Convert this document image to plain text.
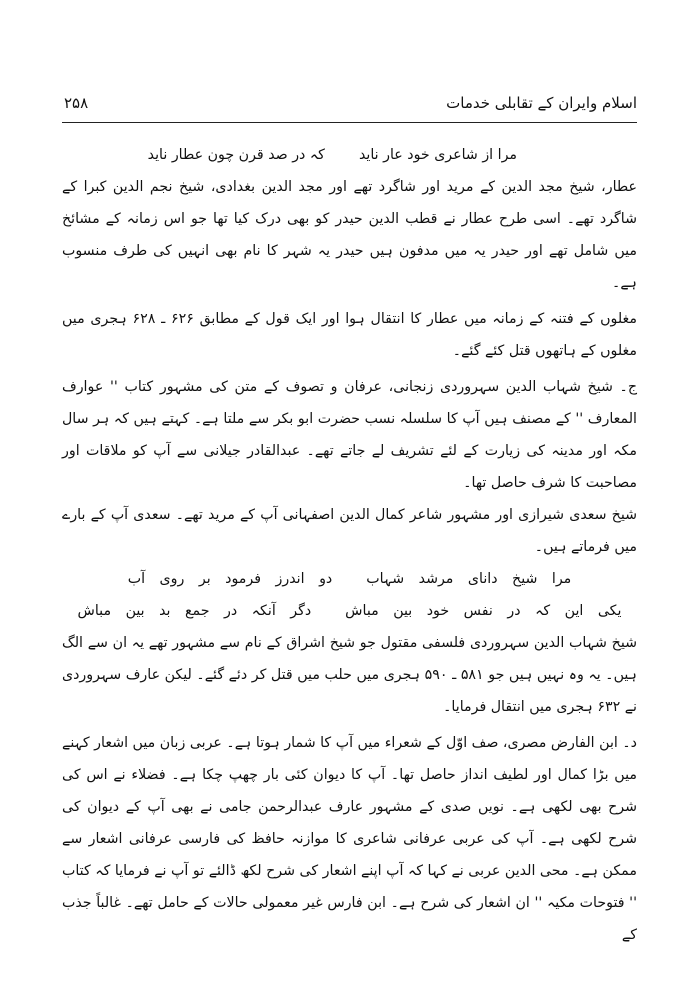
اسلام وایران کے تقابلی خدمات
۲۵۸
مرا از شاعری خود عار ناید
کہ در صد قرن چون عطار ناید

عطار، شیخ مجد الدین کے مرید اور شاگرد تھے اور مجد الدین بغدادی، شیخ نجم الدین کبرا کے شاگرد تھے۔ اسی طرح عطار نے قطب الدین حیدر کو بھی درک کیا تھا جو اس زمانہ کے مشائخ میں شامل تھے اور حیدر یہ میں مدفون ہیں حیدر یہ شہر کا نام بھی انہیں کی طرف منسوب ہے۔

مغلوں کے فتنہ کے زمانہ میں عطار کا انتقال ہوا اور ایک قول کے مطابق ۶۲۶ ـ ۶۲۸ ہجری میں مغلوں کے ہاتھوں قتل کئے گئے۔

ج۔ شیخ شہاب الدین سہروردی زنجانی، عرفان و تصوف کے متن کی مشہور کتاب '' عوارف المعارف '' کے مصنف ہیں آپ کا سلسلہ نسب حضرت ابو بکر سے ملتا ہے۔ کہتے ہیں کہ ہر سال مکہ اور مدینہ کی زیارت کے لئے تشریف لے جاتے تھے۔ عبدالقادر جیلانی سے آپ کو ملاقات اور مصاحبت کا شرف حاصل تھا۔

شیخ سعدی شیرازی اور مشہور شاعر کمال الدین اصفہانی آپ کے مرید تھے۔ سعدی آپ کے بارے میں فرماتے ہیں۔

مرا شیخ دانای مرشد شہاب
دو اندرز فرمود بر روی آب
یکی این کہ در نفس خود بین مباش
دگر آنکہ در جمع بد بین مباش

شیخ شہاب الدین سہروردی فلسفی مقتول جو شیخ اشراق کے نام سے مشہور تھے یہ ان سے الگ ہیں۔ یہ وہ نہیں ہیں جو ۵۸۱ ـ ۵۹۰ ہجری میں حلب میں قتل کر دئے گئے۔ لیکن عارف سہروردی نے ۶۳۲ ہجری میں انتقال فرمایا۔

د۔ ابن الفارض مصری، صف اوّل کے شعراء میں آپ کا شمار ہوتا ہے۔ عربی زبان میں اشعار کہنے میں بڑا کمال اور لطیف انداز حاصل تھا۔ آپ کا دیوان کئی بار چھپ چکا ہے۔ فضلاء نے اس کی شرح بھی لکھی ہے۔ نویں صدی کے مشہور عارف عبدالرحمن جامی نے بھی آپ کے دیوان کی شرح لکھی ہے۔ آپ کی عربی عرفانی شاعری کا موازنہ حافظ کی فارسی عرفانی اشعار سے ممکن ہے۔ محی الدین عربی نے کہا کہ آپ اپنے اشعار کی شرح لکھ ڈالئے تو آپ نے فرمایا کہ کتاب '' فتوحات مکیہ '' ان اشعار کی شرح ہے۔ ابن فارس غیر معمولی حالات کے حامل تھے۔ غالباً جذب کے
